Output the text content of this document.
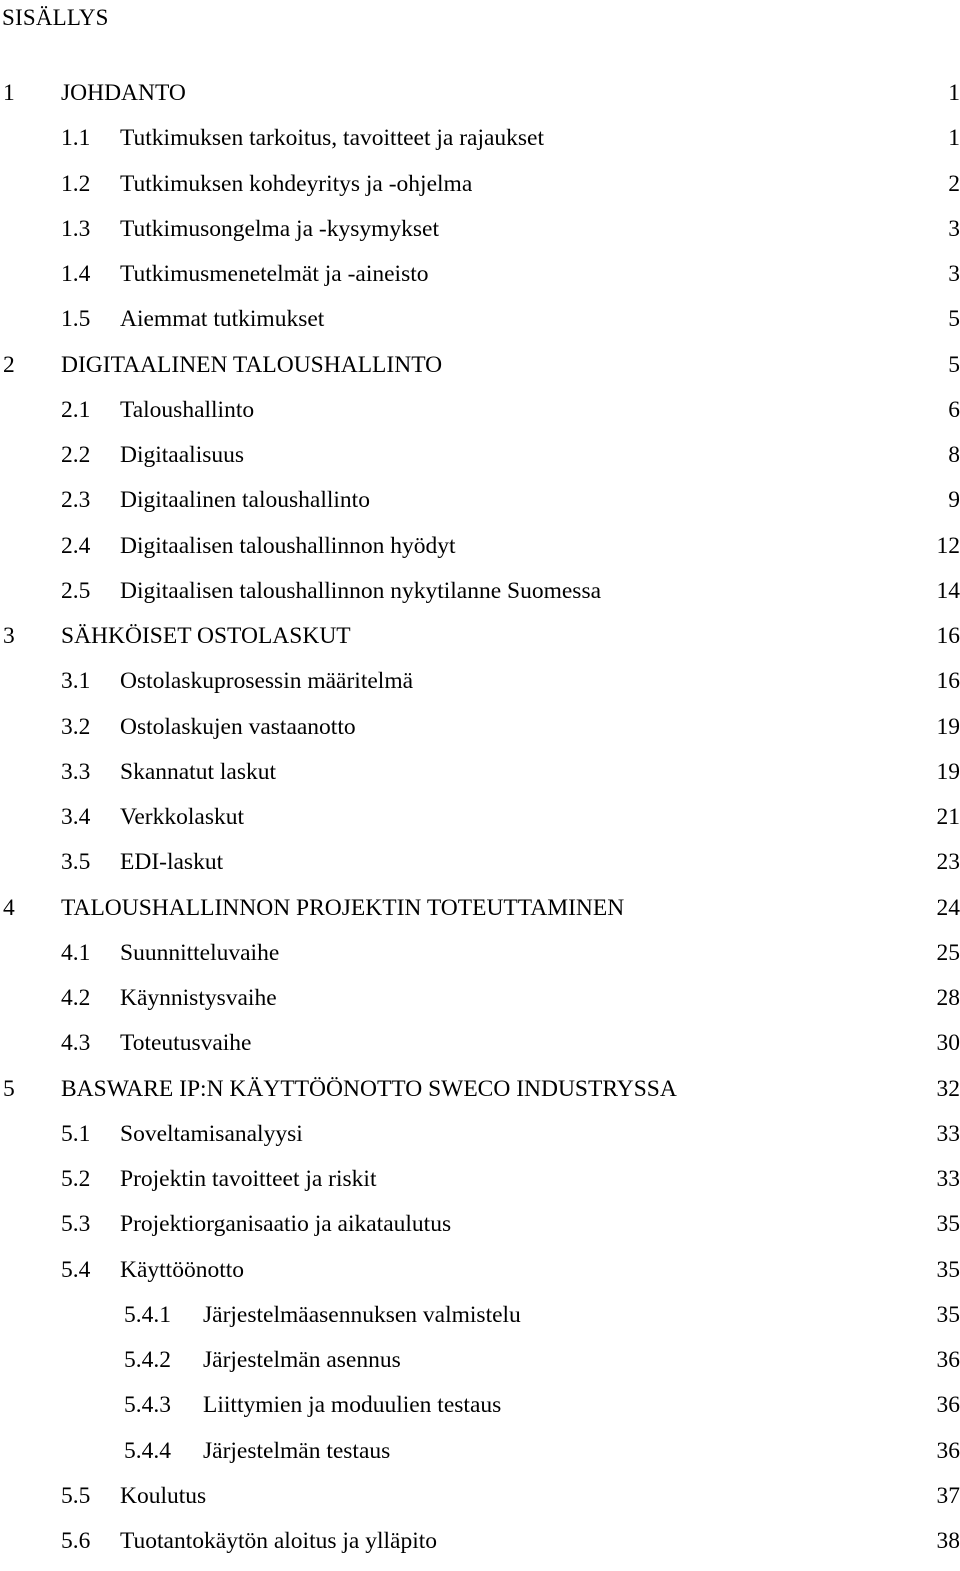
SISÄLLYS
1 JOHDANTO	1
1.1 Tutkimuksen tarkoitus, tavoitteet ja rajaukset	1
1.2 Tutkimuksen kohdeyritys ja -ohjelma	2
1.3 Tutkimusongelma ja -kysymykset	3
1.4 Tutkimusmenetelmät ja -aineisto	3
1.5 Aiemmat tutkimukset	5
2 DIGITAALINEN TALOUSHALLINTO	5
2.1 Taloushallinto	6
2.2 Digitaalisuus	8
2.3 Digitaalinen taloushallinto	9
2.4 Digitaalisen taloushallinnon hyödyt	12
2.5 Digitaalisen taloushallinnon nykytilanne Suomessa	14
3 SÄHKÖISET OSTOLASKUT	16
3.1 Ostolaskuprosessin määritelmä	16
3.2 Ostolaskujen vastaanotto	19
3.3 Skannatut laskut	19
3.4 Verkkolaskut	21
3.5 EDI-laskut	23
4 TALOUSHALLINNON PROJEKTIN TOTEUTTAMINEN	24
4.1 Suunnitteluvaihe	25
4.2 Käynnistysvaihe	28
4.3 Toteutusvaihe	30
5 BASWARE IP:N KÄYTTÖÖNOTTO SWECO INDUSTRYSSA	32
5.1 Soveltamisanalyysi	33
5.2 Projektin tavoitteet ja riskit	33
5.3 Projektiorganisaatio ja aikataulutus	35
5.4 Käyttöönotto	35
5.4.1 Järjestelmäasennuksen valmistelu	35
5.4.2 Järjestelmän asennus	36
5.4.3 Liittymien ja moduulien testaus	36
5.4.4 Järjestelmän testaus	36
5.5 Koulutus	37
5.6 Tuotantokäytön aloitus ja ylläpito	38
